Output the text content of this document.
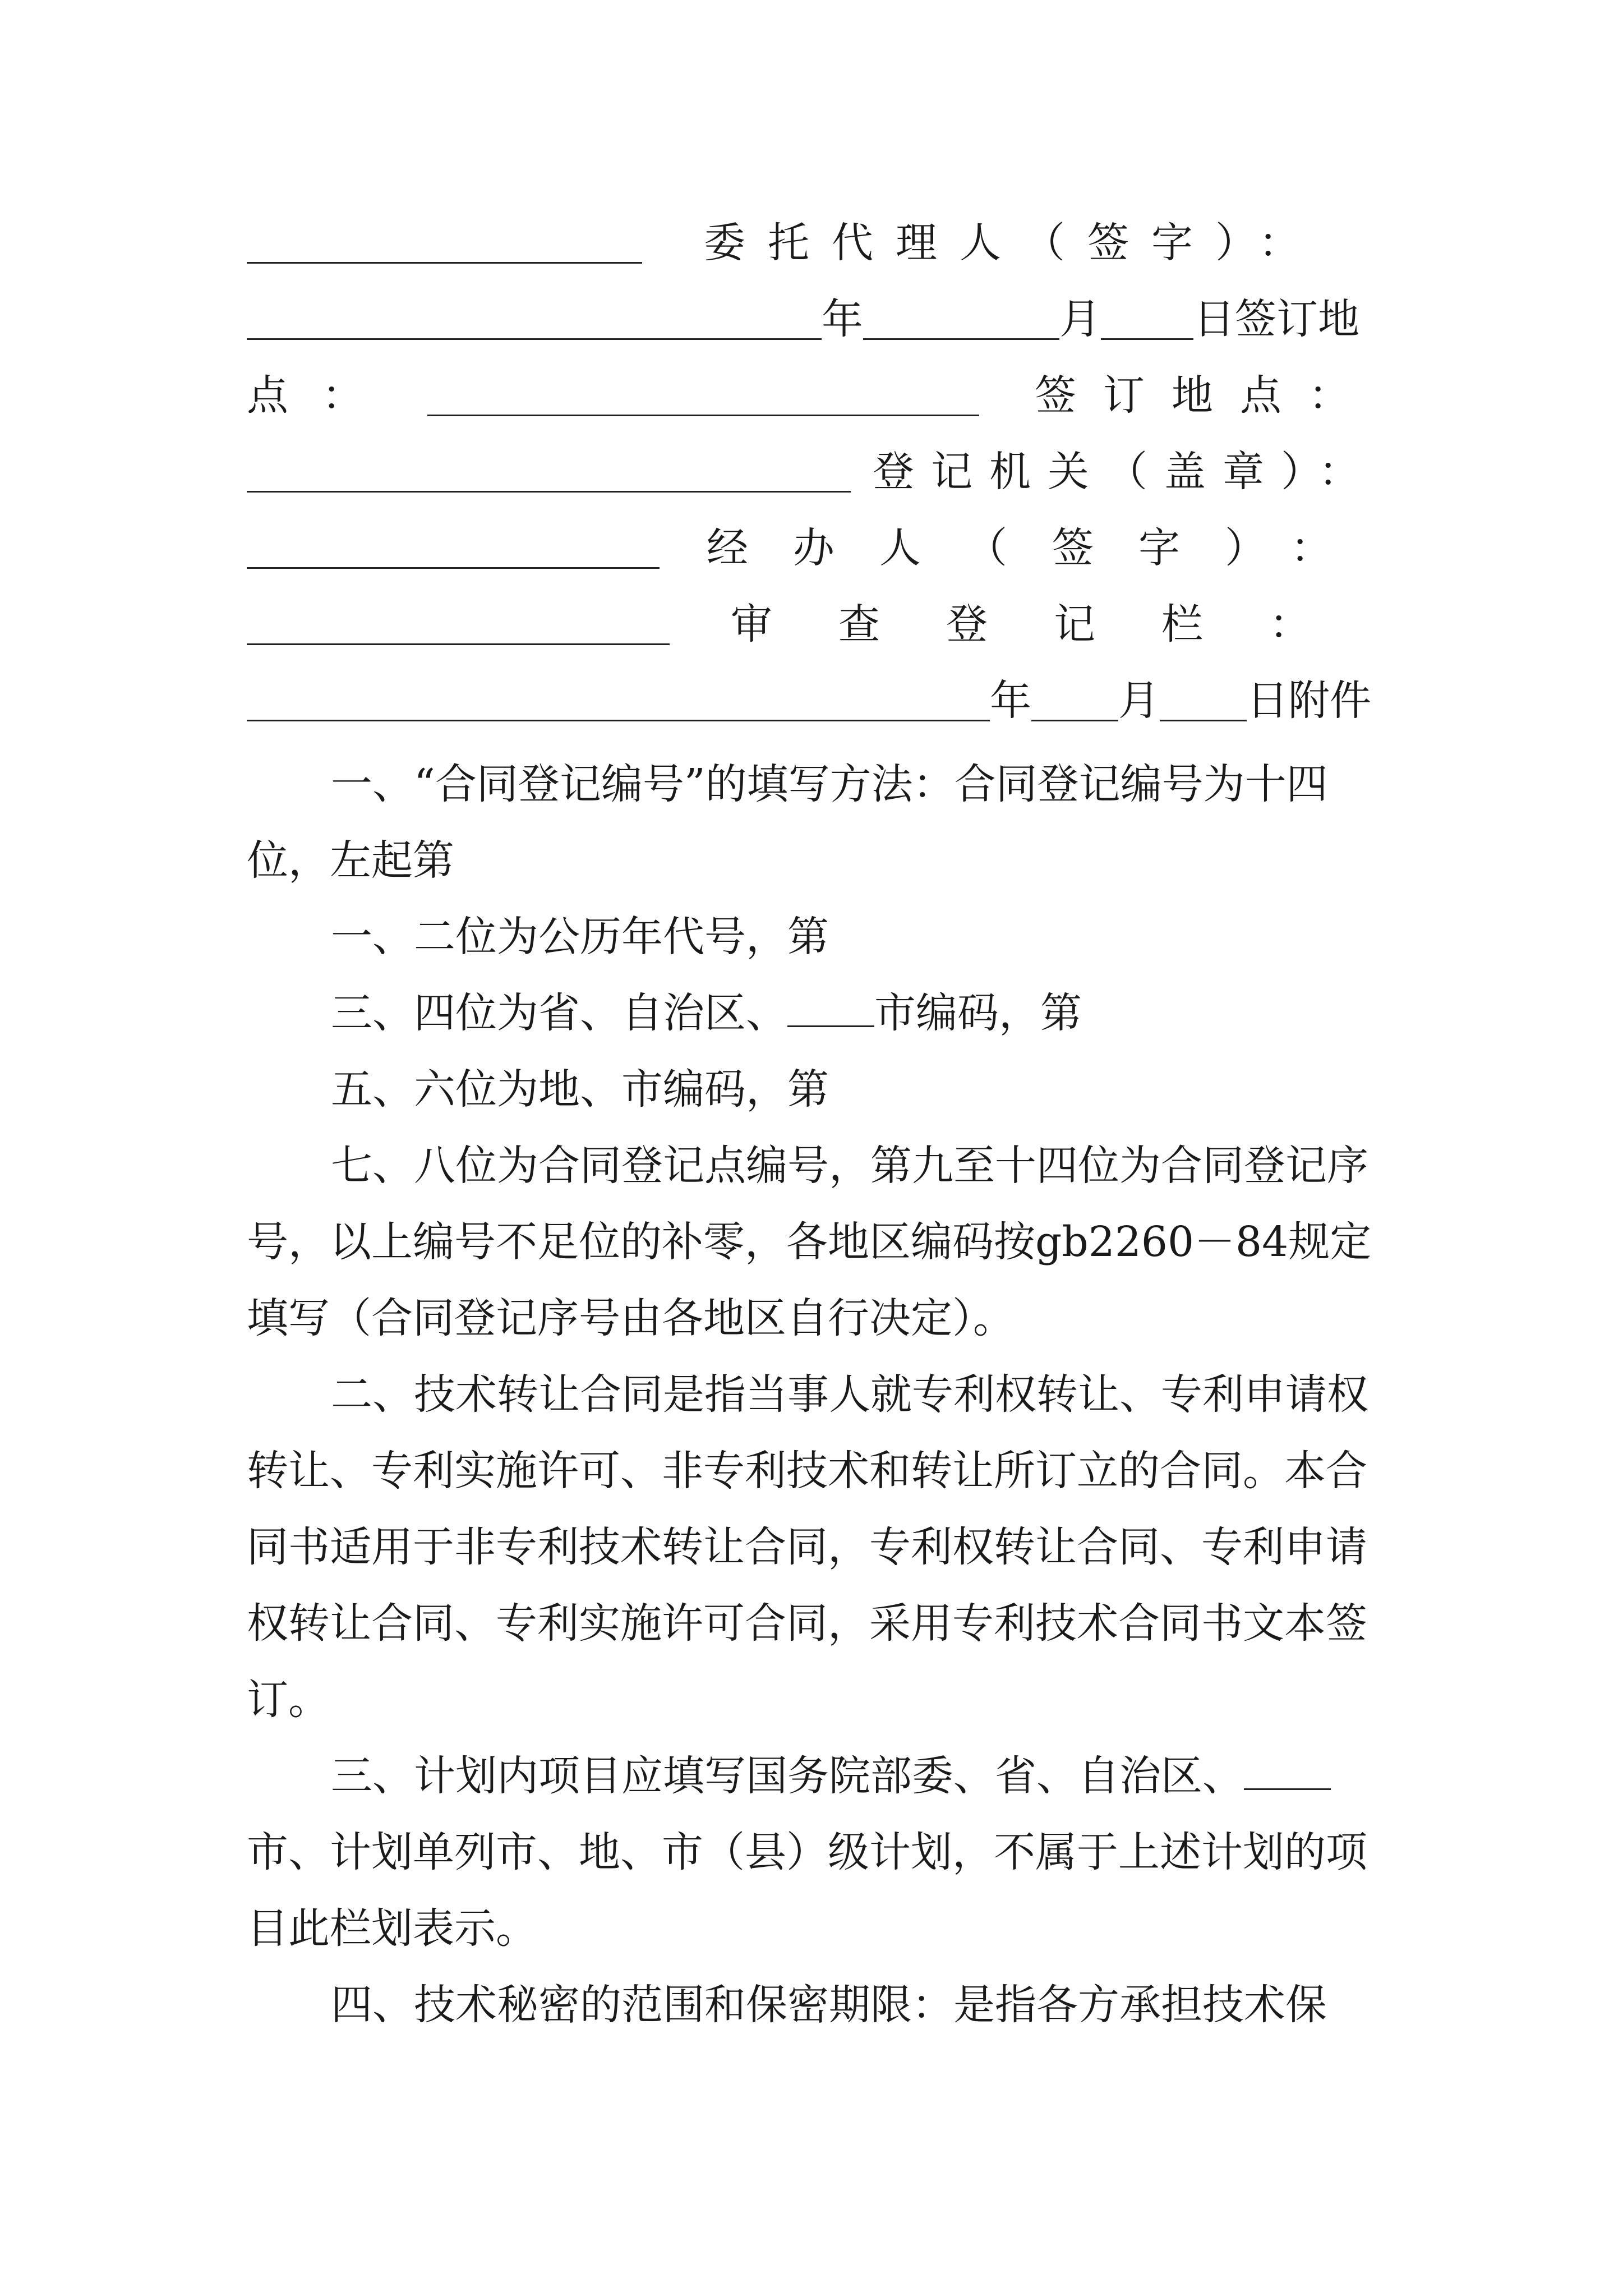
委托代理人（签字）：
年	月 日签订地
点：	签订地点：
登记机关（盖章）：
经办人（签字）：
审查登记栏：
年 月 日附件
一、“合同登记编号”的填写方法：合同登记编号为十四位，左起第
一、二位为公历年代号，第
三、四位为省、自治区、 市编码，第
五、六位为地、市编码，第
七、八位为合同登记点编号，第九至十四位为合同登记序号，以上编号不足位的补零，各地区编码按gb2260－84规定填写（合同登记序号由各地区自行决定）。
二、技术转让合同是指当事人就专利权转让、专利申请权转让、专利实施许可、非专利技术和转让所订立的合同。本合同书适用于非专利技术转让合同，专利权转让合同、专利申请权转让合同、专利实施许可合同，采用专利技术合同书文本签订。
三、计划内项目应填写国务院部委、省、自治区、市、计划单列市、地、市（县）级计划，不属于上述计划的项目此栏划表示。
四、技术秘密的范围和保密期限：是指各方承担技术保
